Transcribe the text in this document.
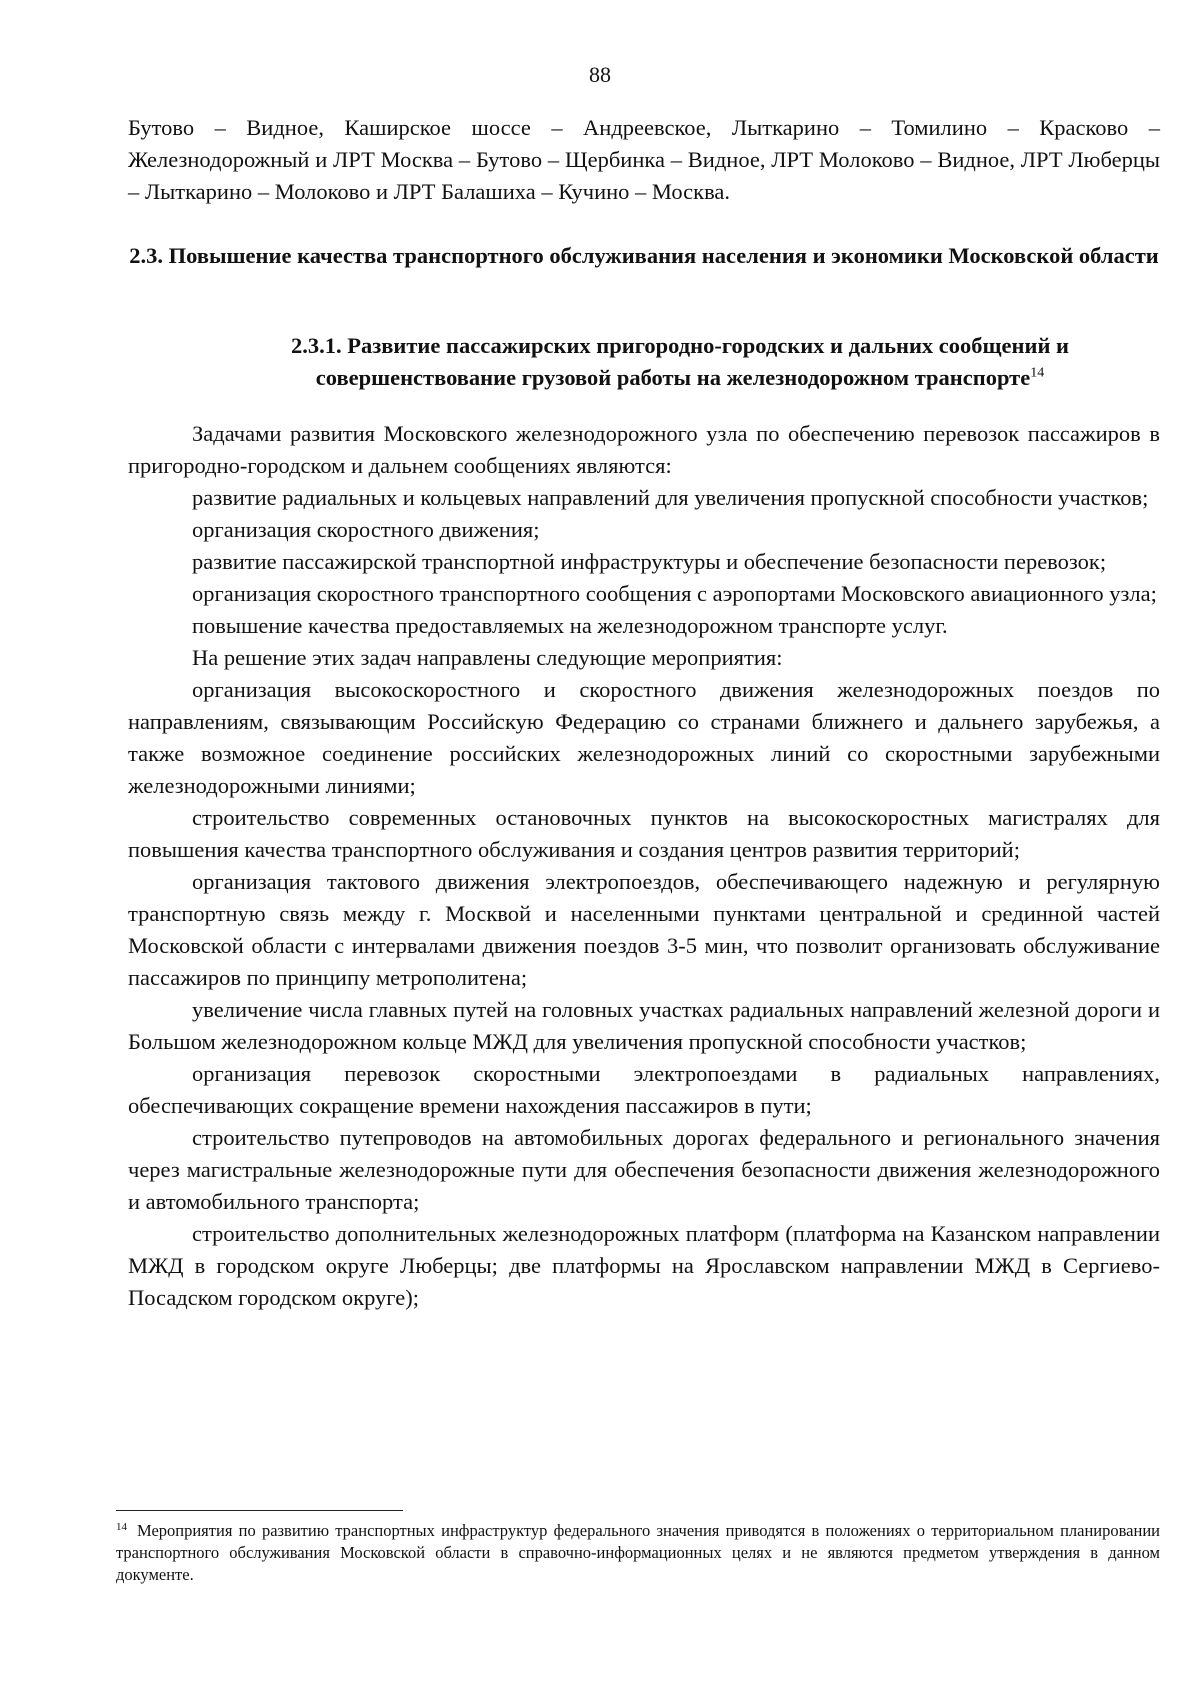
88

Бутово – Видное, Каширское шоссе – Андреевское, Лыткарино – Томилино – Красково – Железнодорожный и ЛРТ Москва – Бутово – Щербинка – Видное, ЛРТ Молоково – Видное, ЛРТ Люберцы – Лыткарино – Молоково и ЛРТ Балашиха – Кучино – Москва.

2.3. Повышение качества транспортного обслуживания населения и экономики Московской области
2.3.1. Развитие пассажирских пригородно-городских и дальних сообщений и совершенствование грузовой работы на железнодорожном транспорте$^{14}$

Задачами развития Московского железнодорожного узла по обеспечению перевозок пассажиров в пригородно-городском и дальнем сообщениях являются:

развитие радиальных и кольцевых направлений для увеличения пропускной способности участков;

организация скоростного движения;

развитие пассажирской транспортной инфраструктуры и обеспечение безопасности перевозок;

организация скоростного транспортного сообщения с аэропортами Московского авиационного узла;

повышение качества предоставляемых на железнодорожном транспорте услуг.

На решение этих задач направлены следующие мероприятия:

организация высокоскоростного и скоростного движения железнодорожных поездов по направлениям, связывающим Российскую Федерацию со странами ближнего и дальнего зарубежья, а также возможное соединение российских железнодорожных линий со скоростными зарубежными железнодорожными линиями;

строительство современных остановочных пунктов на высокоскоростных магистралях для повышения качества транспортного обслуживания и создания центров развития территорий;

организация тактового движения электропоездов, обеспечивающего надежную и регулярную транспортную связь между г. Москвой и населенными пунктами центральной и срединной частей Московской области с интервалами движения поездов 3-5 мин, что позволит организовать обслуживание пассажиров по принципу метрополитена;

увеличение числа главных путей на головных участках радиальных направлений железной дороги и Большом железнодорожном кольце МЖД для увеличения пропускной способности участков;

организация перевозок скоростными электропоездами в радиальных направлениях, обеспечивающих сокращение времени нахождения пассажиров в пути;

строительство путепроводов на автомобильных дорогах федерального и регионального значения через магистральные железнодорожные пути для обеспечения безопасности движения железнодорожного и автомобильного транспорта;

строительство дополнительных железнодорожных платформ (платформа на Казанском направлении МЖД в городском округе Люберцы; две платформы на Ярославском направлении МЖД в Сергиево-Посадском городском округе);

$^{14}$ Мероприятия по развитию транспортных инфраструктур федерального значения приводятся в положениях о территориальном планировании транспортного обслуживания Московской области в справочно-информационных целях и не являются предметом утверждения в данном документе.
